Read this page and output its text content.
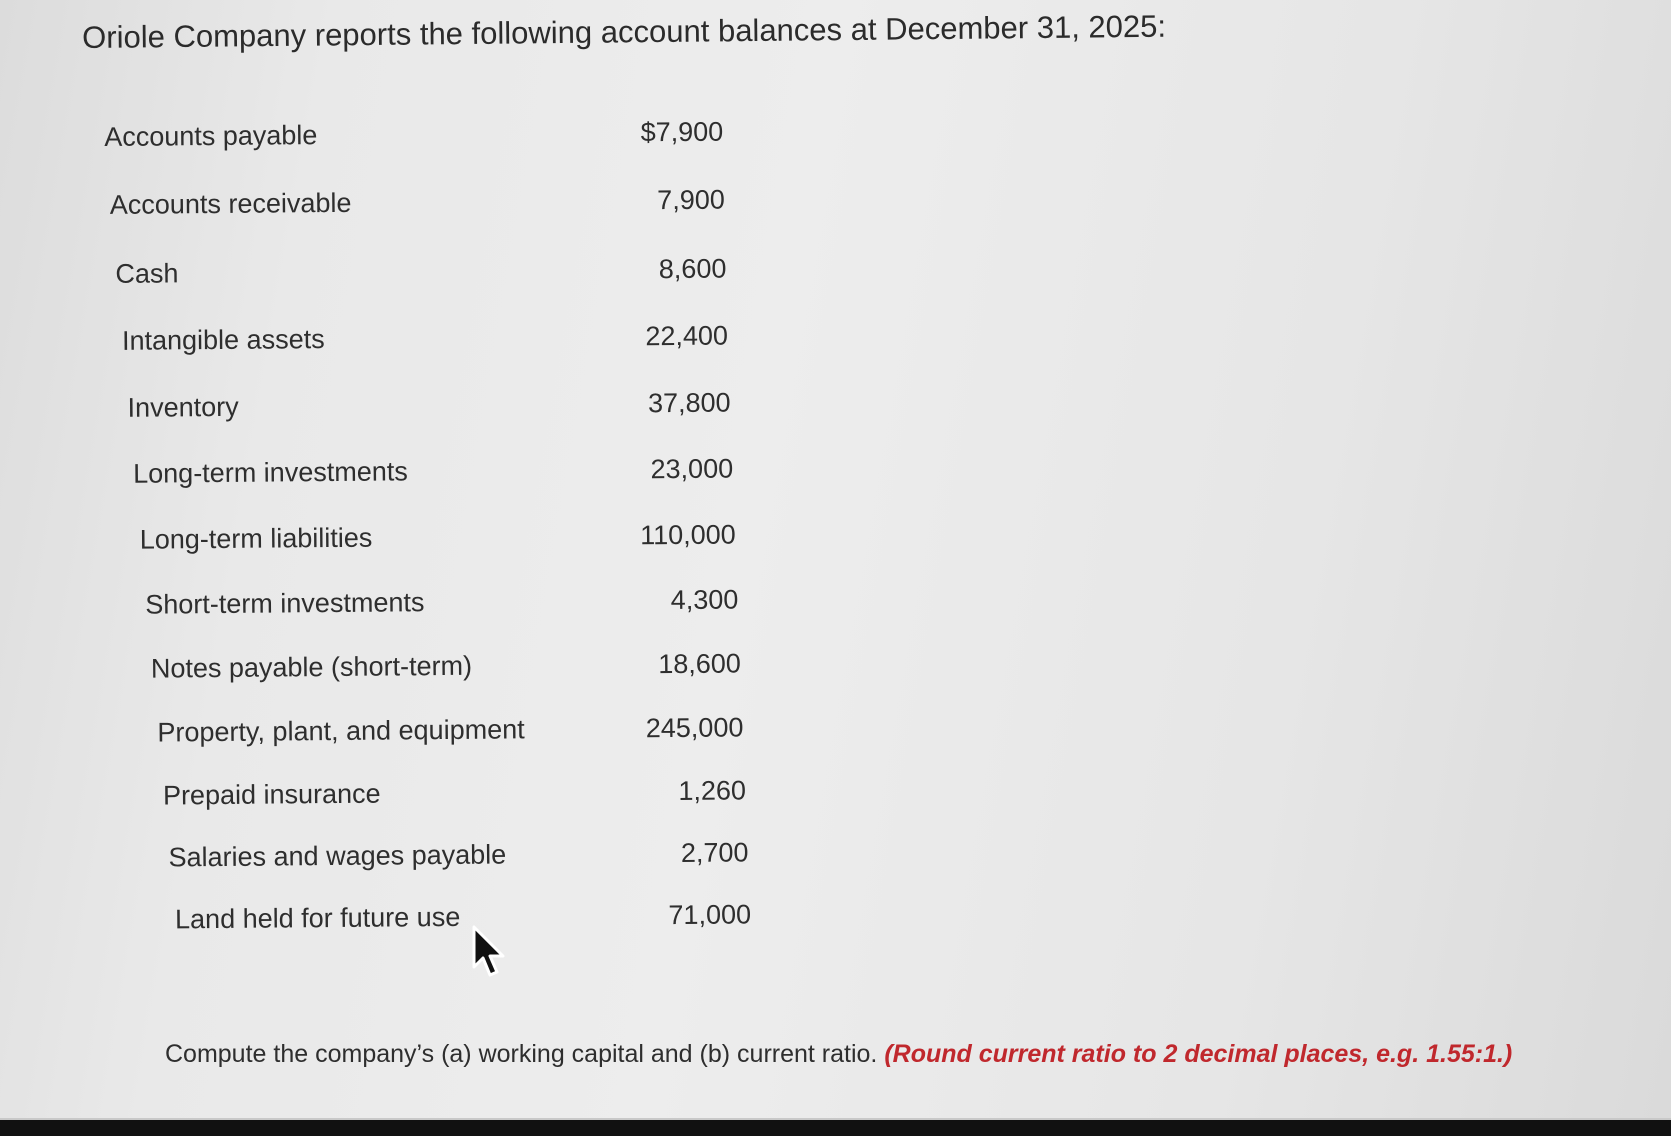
Oriole Company reports the following account balances at December 31, 2025:
Accounts payable	$7,900
Accounts receivable	7,900
Cash	8,600
Intangible assets	22,400
Inventory	37,800
Long-term investments	23,000
Long-term liabilities	110,000
Short-term investments	4,300
Notes payable (short-term)	18,600
Property, plant, and equipment	245,000
Prepaid insurance	1,260
Salaries and wages payable	2,700
Land held for future use	71,000
Compute the company’s (a) working capital and (b) current ratio. (Round current ratio to 2 decimal places, e.g. 1.55:1.)
